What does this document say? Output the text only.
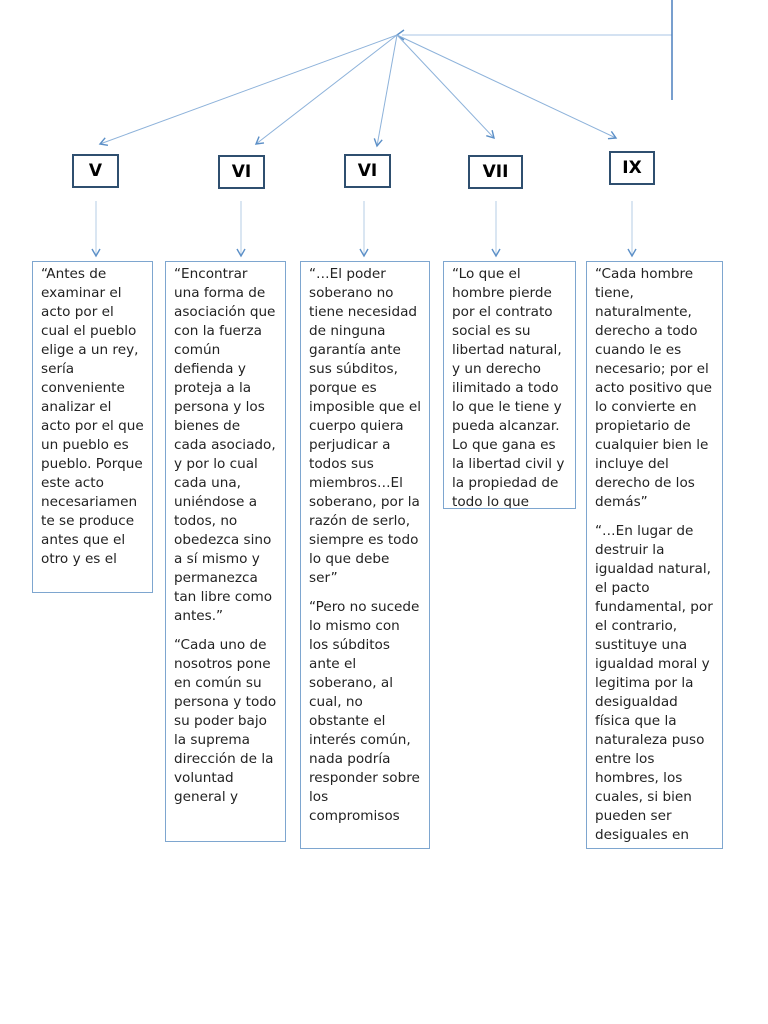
V	VI	VI	VII	IX

“Antes de examinar el acto por el cual el pueblo elige a un rey, sería conveniente analizar el acto por el que un pueblo es pueblo. Porque este acto necesariamen te se produce antes que el otro y es el

“Encontrar una forma de asociación que con la fuerza común defienda y proteja a la persona y los bienes de cada asociado, y por lo cual cada una, uniéndose a todos, no obedezca sino a sí mismo y permanezca tan libre como antes.”

“Cada uno de nosotros pone en común su persona y todo su poder bajo la suprema dirección de la voluntad general y

“…El poder soberano no tiene necesidad de ninguna garantía ante sus súbditos, porque es imposible que el cuerpo quiera perjudicar a todos sus miembros…El soberano, por la razón de serlo, siempre es todo lo que debe ser”

“Pero no sucede lo mismo con los súbditos ante el soberano, al cual, no obstante el interés común, nada podría responder sobre los compromisos

“Lo que el hombre pierde por el contrato social es su libertad natural, y un derecho ilimitado a todo lo que le tiene y pueda alcanzar. Lo que gana es la libertad civil y la propiedad de todo lo que

“Cada hombre tiene, naturalmente, derecho a todo cuando le es necesario; por el acto positivo que lo convierte en propietario de cualquier bien le incluye del derecho de los demás”

“…En lugar de destruir la igualdad natural, el pacto fundamental, por el contrario, sustituye una igualdad moral y legitima por la desigualdad física que la naturaleza puso entre los hombres, los cuales, si bien pueden ser desiguales en
